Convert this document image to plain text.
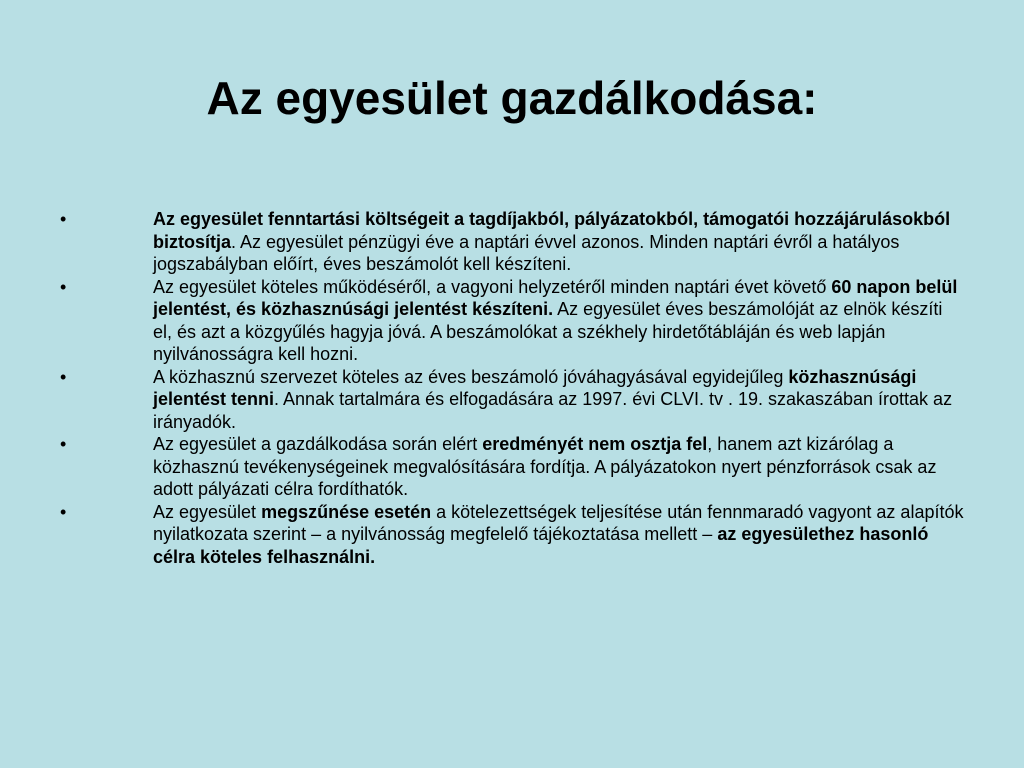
Az egyesület gazdálkodása:
•	Az egyesület fenntartási költségeit a tagdíjakból, pályázatokból, támogatói hozzájárulásokból biztosítja. Az egyesület pénzügyi éve a naptári évvel azonos. Minden naptári évről a hatályos jogszabályban előírt, éves beszámolót kell készíteni.
•	Az egyesület köteles működéséről, a vagyoni helyzetéről minden naptári évet követő 60 napon belül jelentést, és közhasznúsági jelentést készíteni. Az egyesület éves beszámolóját az elnök készíti el, és azt a közgyűlés hagyja jóvá. A beszámolókat a székhely hirdetőtábláján és web lapján nyilvánosságra kell hozni.
•	A közhasznú szervezet köteles az éves beszámoló jóváhagyásával egyidejűleg közhasznúsági jelentést tenni. Annak tartalmára és elfogadására az 1997. évi CLVI. tv . 19. szakaszában írottak az irányadók.
•	Az egyesület a gazdálkodása során elért eredményét nem osztja fel, hanem azt kizárólag a közhasznú tevékenységeinek megvalósítására fordítja. A pályázatokon nyert pénzforrások csak az adott pályázati célra fordíthatók.
•	Az egyesület megszűnése esetén a kötelezettségek teljesítése után fennmaradó vagyont az alapítók nyilatkozata szerint – a nyilvánosság megfelelő tájékoztatása mellett – az egyesülethez hasonló célra köteles felhasználni.
